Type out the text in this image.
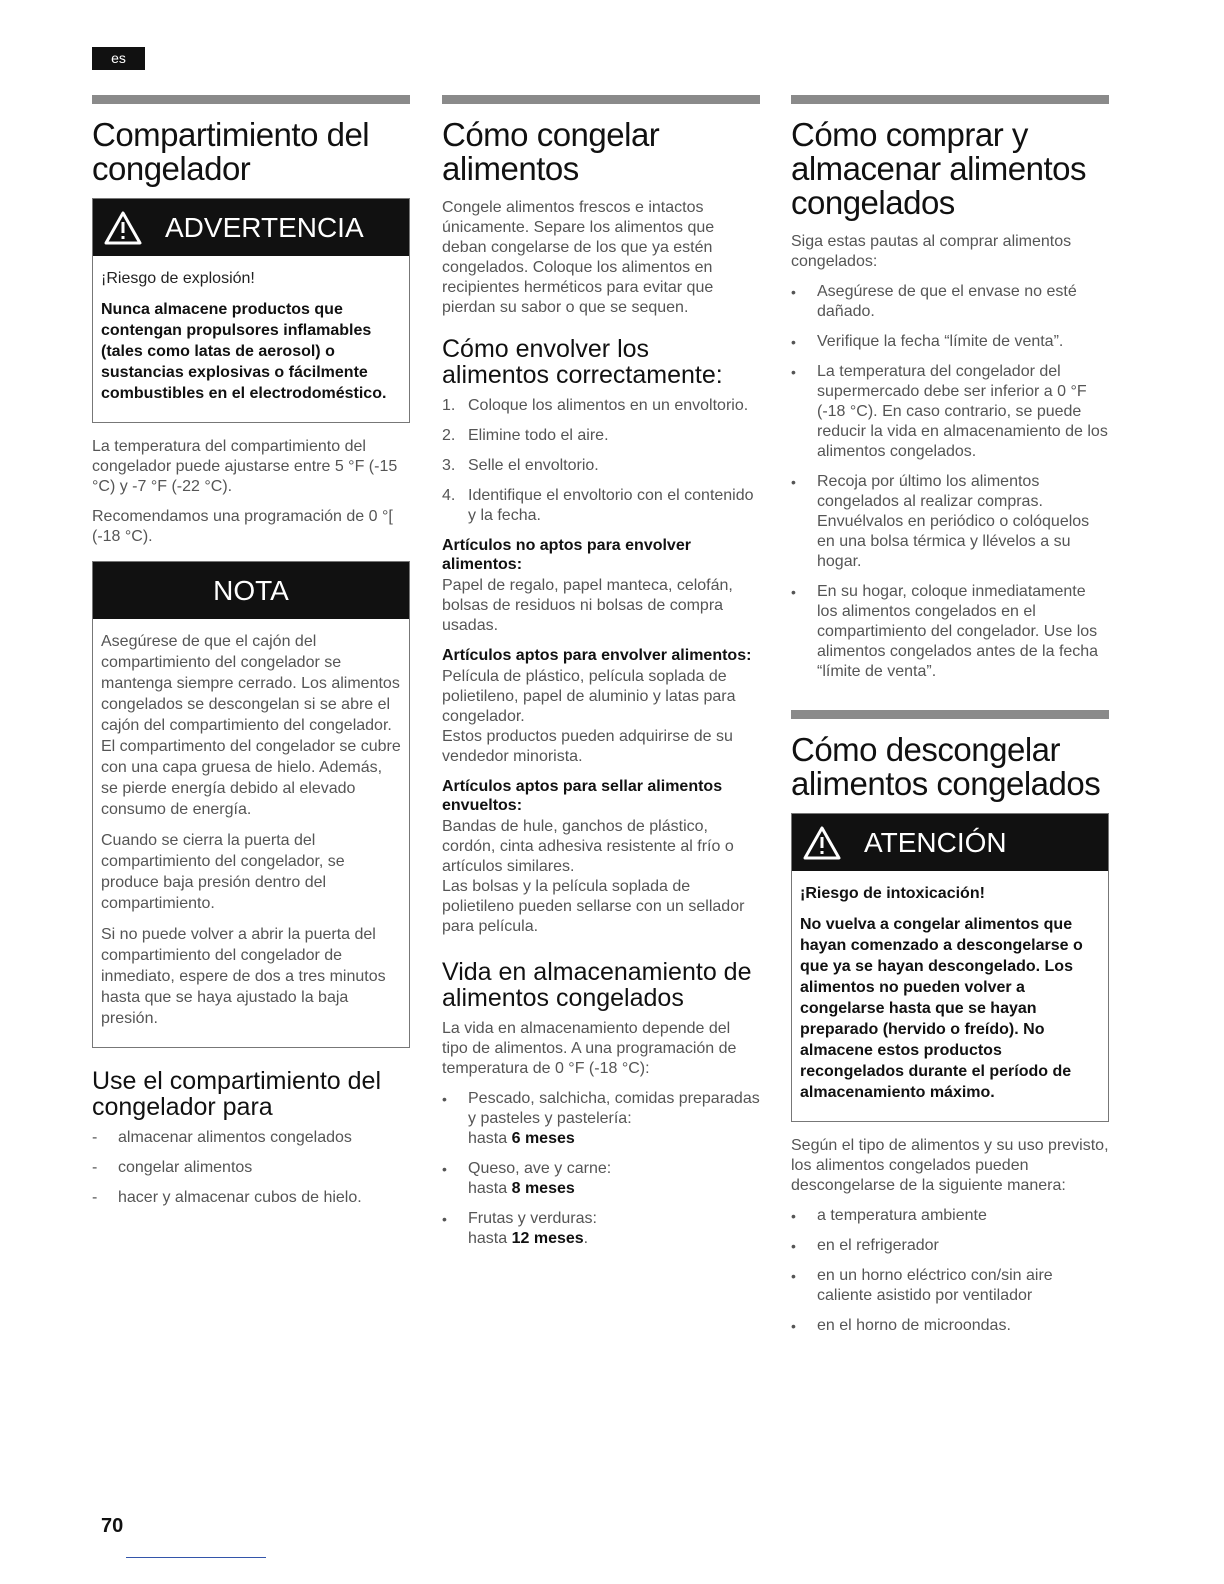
es
Compartimiento del congelador
ADVERTENCIA

¡Riesgo de explosión!

Nunca almacene productos que contengan propulsores inflamables (tales como latas de aerosol) o sustancias explosivas o fácilmente combustibles en el electrodoméstico.

La temperatura del compartimiento del congelador puede ajustarse entre 5 °F (-15 °C) y -7 °F (-22 °C).

Recomendamos una programación de 0 °[ (-18 °C).

NOTA

Asegúrese de que el cajón del compartimiento del congelador se mantenga siempre cerrado. Los alimentos congelados se descongelan si se abre el cajón del compartimiento del congelador. El compartimento del congelador se cubre con una capa gruesa de hielo. Además, se pierde energía debido al elevado consumo de energía.

Cuando se cierra la puerta del compartimiento del congelador, se produce baja presión dentro del compartimiento.

Si no puede volver a abrir la puerta del compartimiento del congelador de inmediato, espere de dos a tres minutos hasta que se haya ajustado la baja presión.

Use el compartimiento del congelador para
-	almacenar alimentos congelados
-	congelar alimentos
-	hacer y almacenar cubos de hielo.
Cómo congelar alimentos

Congele alimentos frescos e intactos únicamente. Separe los alimentos que deban congelarse de los que ya estén congelados. Coloque los alimentos en recipientes herméticos para evitar que pierdan su sabor o que se sequen.

Cómo envolver los alimentos correctamente:
1. Coloque los alimentos en un envoltorio.
2. Elimine todo el aire.
3. Selle el envoltorio.
4. Identifique el envoltorio con el contenido y la fecha.
Artículos no aptos para envolver alimentos:

Papel de regalo, papel manteca, celofán, bolsas de residuos ni bolsas de compra usadas.

Artículos aptos para envolver alimentos:

Película de plástico, película soplada de polietileno, papel de aluminio y latas para congelador.

Estos productos pueden adquirirse de su vendedor minorista.

Artículos aptos para sellar alimentos envueltos:

Bandas de hule, ganchos de plástico, cordón, cinta adhesiva resistente al frío o artículos similares.

Las bolsas y la película soplada de polietileno pueden sellarse con un sellador para película.

Vida en almacenamiento de alimentos congelados

La vida en almacenamiento depende del tipo de alimentos. A una programación de temperatura de 0 °F (-18 °C):

•	Pescado, salchicha, comidas preparadas y pasteles y pastelería:
hasta 6 meses
•	Queso, ave y carne:
hasta 8 meses
•	Frutas y verduras:
hasta 12 meses.
Cómo comprar y almacenar alimentos congelados

Siga estas pautas al comprar alimentos congelados:

•	Asegúrese de que el envase no esté dañado.
•	Verifique la fecha “límite de venta”.
•	La temperatura del congelador del supermercado debe ser inferior a 0 °F (-18 °C). En caso contrario, se puede reducir la vida en almacenamiento de los alimentos congelados.
•	Recoja por último los alimentos congelados al realizar compras. Envuélvalos en periódico o colóquelos en una bolsa térmica y llévelos a su hogar.
•	En su hogar, coloque inmediatamente los alimentos congelados en el compartimiento del congelador. Use los alimentos congelados antes de la fecha “límite de venta”.
Cómo descongelar alimentos congelados
ATENCIÓN

¡Riesgo de intoxicación!

No vuelva a congelar alimentos que hayan comenzado a descongelarse o que ya se hayan descongelado. Los alimentos no pueden volver a congelarse hasta que se hayan preparado (hervido o freído). No almacene estos productos recongelados durante el período de almacenamiento máximo.

Según el tipo de alimentos y su uso previsto, los alimentos congelados pueden descongelarse de la siguiente manera:

•	a temperatura ambiente
•	en el refrigerador
•	en un horno eléctrico con/sin aire caliente asistido por ventilador
•	en el horno de microondas.
70
